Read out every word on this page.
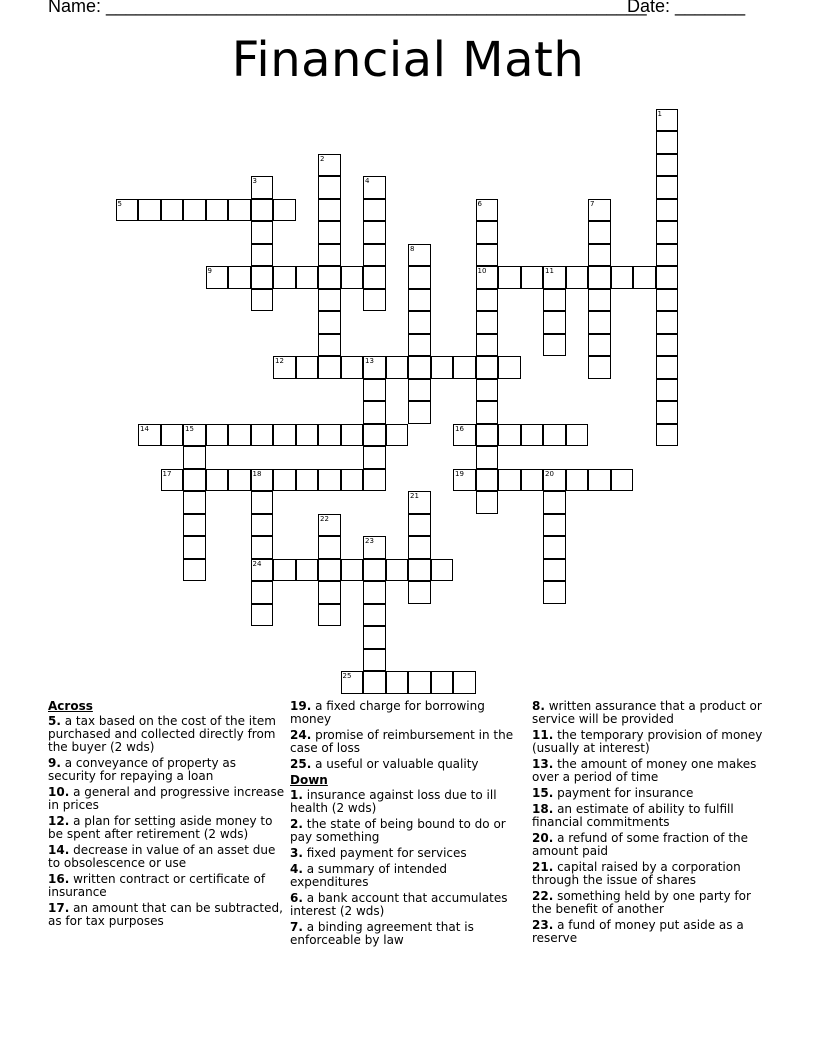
Name: ______________________________________________________
Date: _______
Financial Math
1
2
3	4
5	6
10
7
8
9	11
12	13
14	15	16
17	18
24
19	20
21
22
23
25
Across
5. a tax based on the cost of the item purchased and collected directly from the buyer (2 wds)
9. a conveyance of property as security for repaying a loan
10. a general and progressive increase in prices
12. a plan for setting aside money to be spent after retirement (2 wds)
14. decrease in value of an asset due to obsolescence or use
16. written contract or certificate of insurance
17. an amount that can be subtracted, as for tax purposes
19. a fixed charge for borrowing money
24. promise of reimbursement in the case of loss
25. a useful or valuable quality
Down
1. insurance against loss due to ill health (2 wds)
2. the state of being bound to do or pay something
3. fixed payment for services
4. a summary of intended expenditures
6. a bank account that accumulates interest (2 wds)
7. a binding agreement that is enforceable by law
8. written assurance that a product or service will be provided
11. the temporary provision of money (usually at interest)
13. the amount of money one makes over a period of time
15. payment for insurance
18. an estimate of ability to fulfill financial commitments
20. a refund of some fraction of the amount paid
21. capital raised by a corporation through the issue of shares
22. something held by one party for the benefit of another
23. a fund of money put aside as a reserve
